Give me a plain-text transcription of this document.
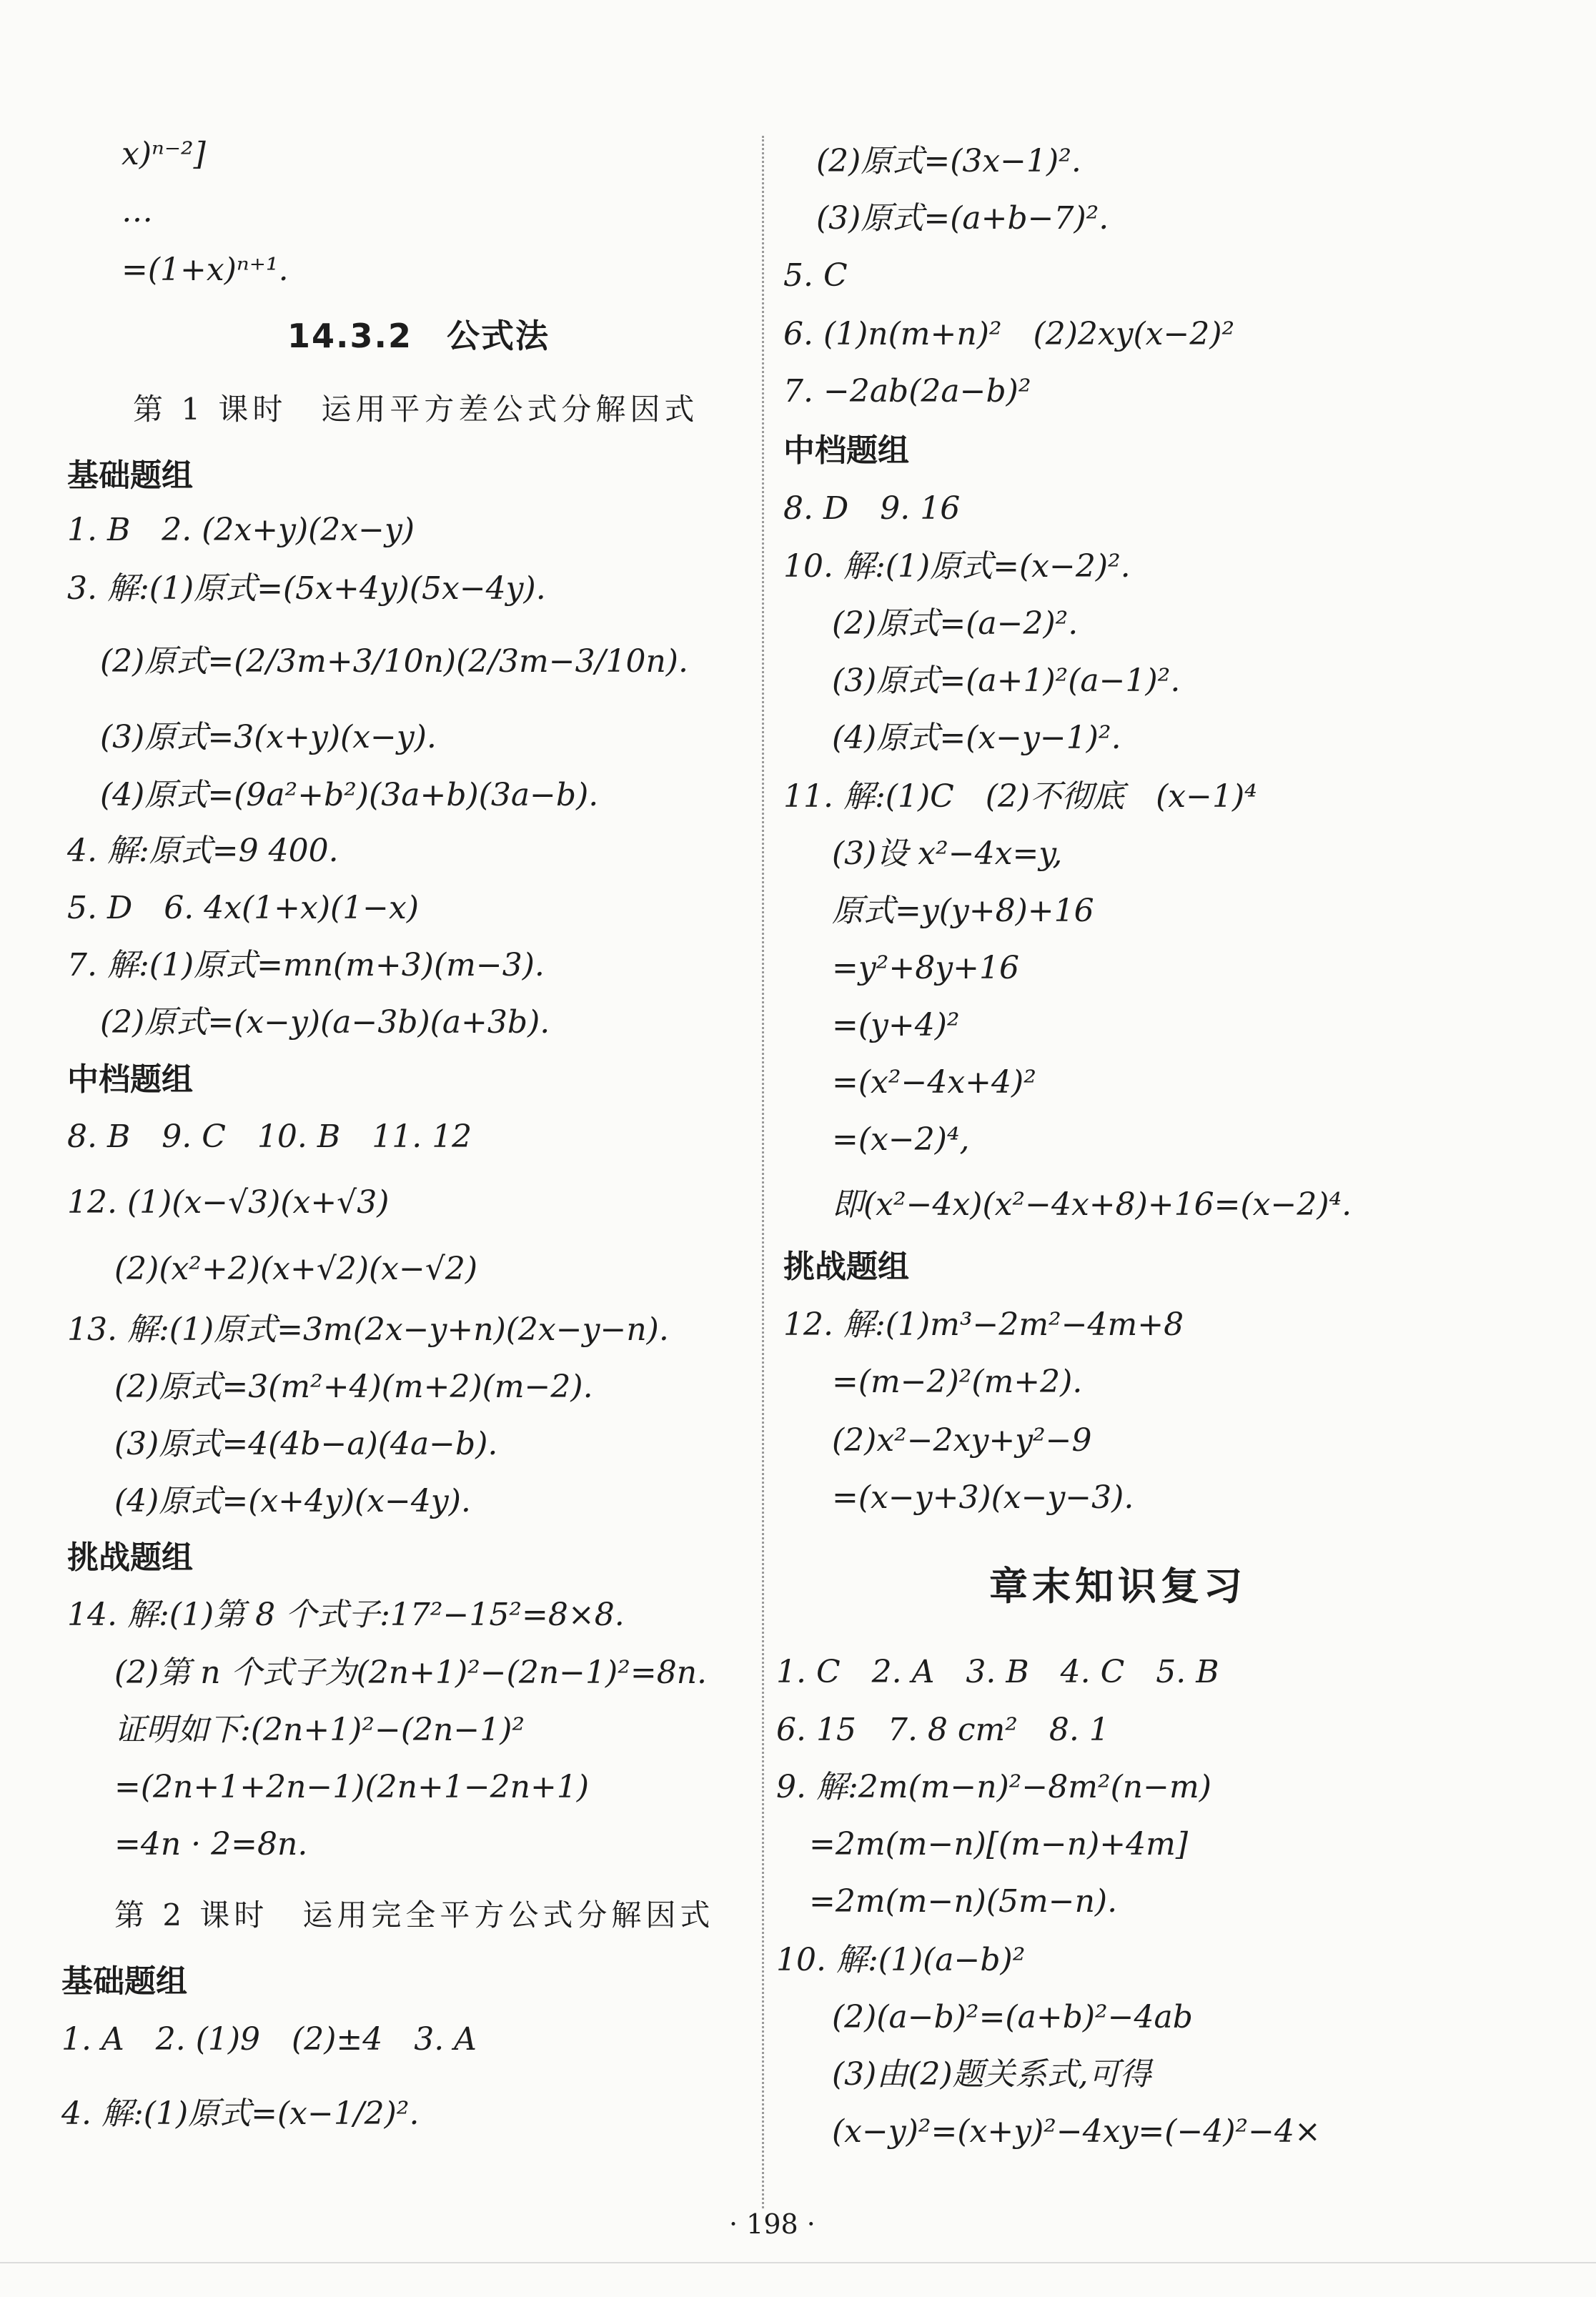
x)ⁿ⁻²]
…
=(1+x)ⁿ⁺¹.
14.3.2　公式法
第 1 课时　运用平方差公式分解因式
基础题组
1. B　2. (2x+y)(2x−y)
3. 解:(1)原式=(5x+4y)(5x−4y).
(2)原式=(2/3m+3/10n)(2/3m−3/10n).
(3)原式=3(x+y)(x−y).
(4)原式=(9a²+b²)(3a+b)(3a−b).
4. 解:原式=9 400.
5. D　6. 4x(1+x)(1−x)
7. 解:(1)原式=mn(m+3)(m−3).
(2)原式=(x−y)(a−3b)(a+3b).
中档题组
8. B　9. C　10. B　11. 12
12. (1)(x−√3)(x+√3)
(2)(x²+2)(x+√2)(x−√2)
13. 解:(1)原式=3m(2x−y+n)(2x−y−n).
(2)原式=3(m²+4)(m+2)(m−2).
(3)原式=4(4b−a)(4a−b).
(4)原式=(x+4y)(x−4y).
挑战题组
14. 解:(1)第 8 个式子:17²−15²=8×8.
(2)第 n 个式子为(2n+1)²−(2n−1)²=8n.
证明如下:(2n+1)²−(2n−1)²
=(2n+1+2n−1)(2n+1−2n+1)
=4n · 2=8n.
第 2 课时　运用完全平方公式分解因式
基础题组
1. A　2. (1)9　(2)±4　3. A
4. 解:(1)原式=(x−1/2)².
(2)原式=(3x−1)².
(3)原式=(a+b−7)².
5. C
6. (1)n(m+n)²　(2)2xy(x−2)²
7. −2ab(2a−b)²
中档题组
8. D　9. 16
10. 解:(1)原式=(x−2)².
(2)原式=(a−2)².
(3)原式=(a+1)²(a−1)².
(4)原式=(x−y−1)².
11. 解:(1)C　(2)不彻底　(x−1)⁴
(3)设 x²−4x=y,
原式=y(y+8)+16
=y²+8y+16
=(y+4)²
=(x²−4x+4)²
=(x−2)⁴,
即(x²−4x)(x²−4x+8)+16=(x−2)⁴.
挑战题组
12. 解:(1)m³−2m²−4m+8
=(m−2)²(m+2).
(2)x²−2xy+y²−9
=(x−y+3)(x−y−3).
章末知识复习
1. C　2. A　3. B　4. C　5. B
6. 15　7. 8 cm²　8. 1
9. 解:2m(m−n)²−8m²(n−m)
=2m(m−n)[(m−n)+4m]
=2m(m−n)(5m−n).
10. 解:(1)(a−b)²
(2)(a−b)²=(a+b)²−4ab
(3)由(2)题关系式,可得
(x−y)²=(x+y)²−4xy=(−4)²−4×
· 198 ·
